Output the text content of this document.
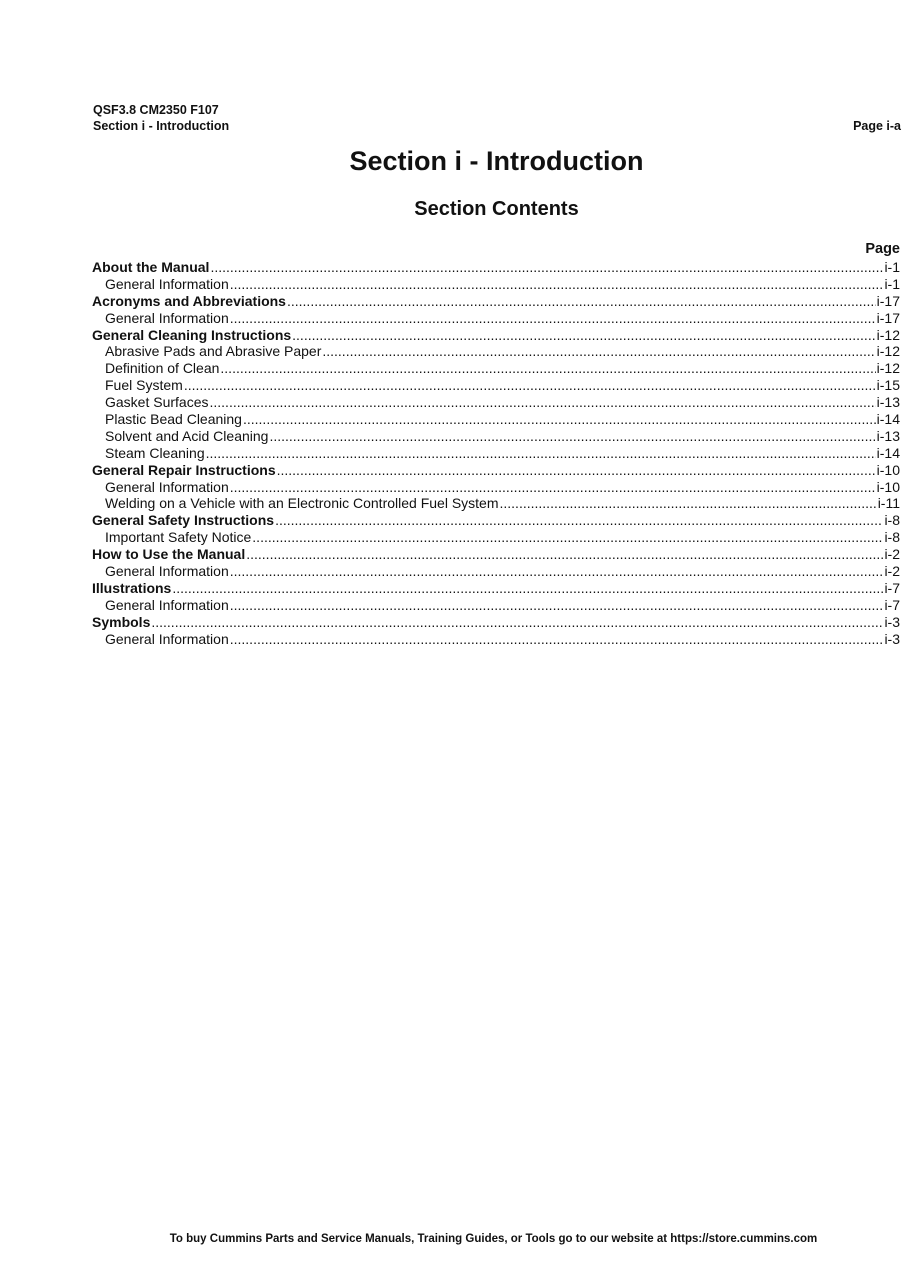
QSF3.8 CM2350 F107
Section i - Introduction	Page i-a
Section i - Introduction
Section Contents
Page
About the Manual .....	i-1
General Information .....	i-1
Acronyms and Abbreviations .....	i-17
General Information .....	i-17
General Cleaning Instructions .....	i-12
Abrasive Pads and Abrasive Paper .....	i-12
Definition of Clean .....	i-12
Fuel System .....	i-15
Gasket Surfaces .....	i-13
Plastic Bead Cleaning .....	i-14
Solvent and Acid Cleaning .....	i-13
Steam Cleaning .....	i-14
General Repair Instructions .....	i-10
General Information .....	i-10
Welding on a Vehicle with an Electronic Controlled Fuel System .....	i-11
General Safety Instructions .....	i-8
Important Safety Notice .....	i-8
How to Use the Manual .....	i-2
General Information .....	i-2
Illustrations .....	i-7
General Information .....	i-7
Symbols .....	i-3
General Information .....	i-3
To buy Cummins Parts and Service Manuals, Training Guides, or Tools go to our website at https://store.cummins.com
